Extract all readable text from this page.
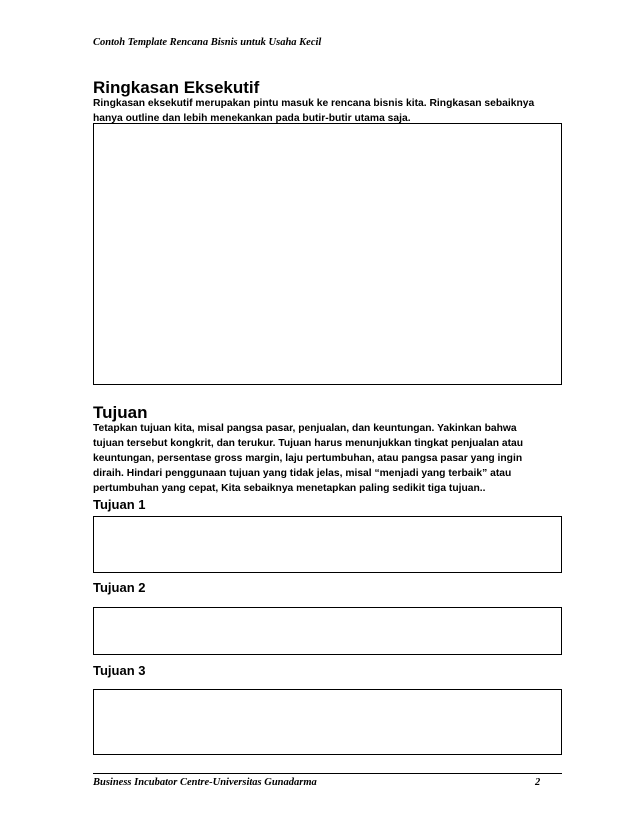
Contoh Template Rencana Bisnis untuk Usaha Kecil
Ringkasan Eksekutif

Ringkasan eksekutif merupakan pintu masuk ke rencana bisnis kita. Ringkasan sebaiknya

hanya outline dan lebih menekankan pada butir-butir utama saja.

Tujuan

Tetapkan tujuan kita, misal pangsa pasar, penjualan, dan keuntungan. Yakinkan bahwa

tujuan tersebut kongkrit, dan terukur. Tujuan harus menunjukkan tingkat penjualan atau

keuntungan, persentase gross margin, laju pertumbuhan, atau pangsa pasar yang ingin

diraih. Hindari penggunaan tujuan yang tidak jelas, misal “menjadi yang terbaik” atau

pertumbuhan yang cepat, Kita sebaiknya menetapkan paling sedikit tiga tujuan..

Tujuan 1
Tujuan 2
Tujuan 3
Business Incubator Centre-Universitas Gunadarma	2
